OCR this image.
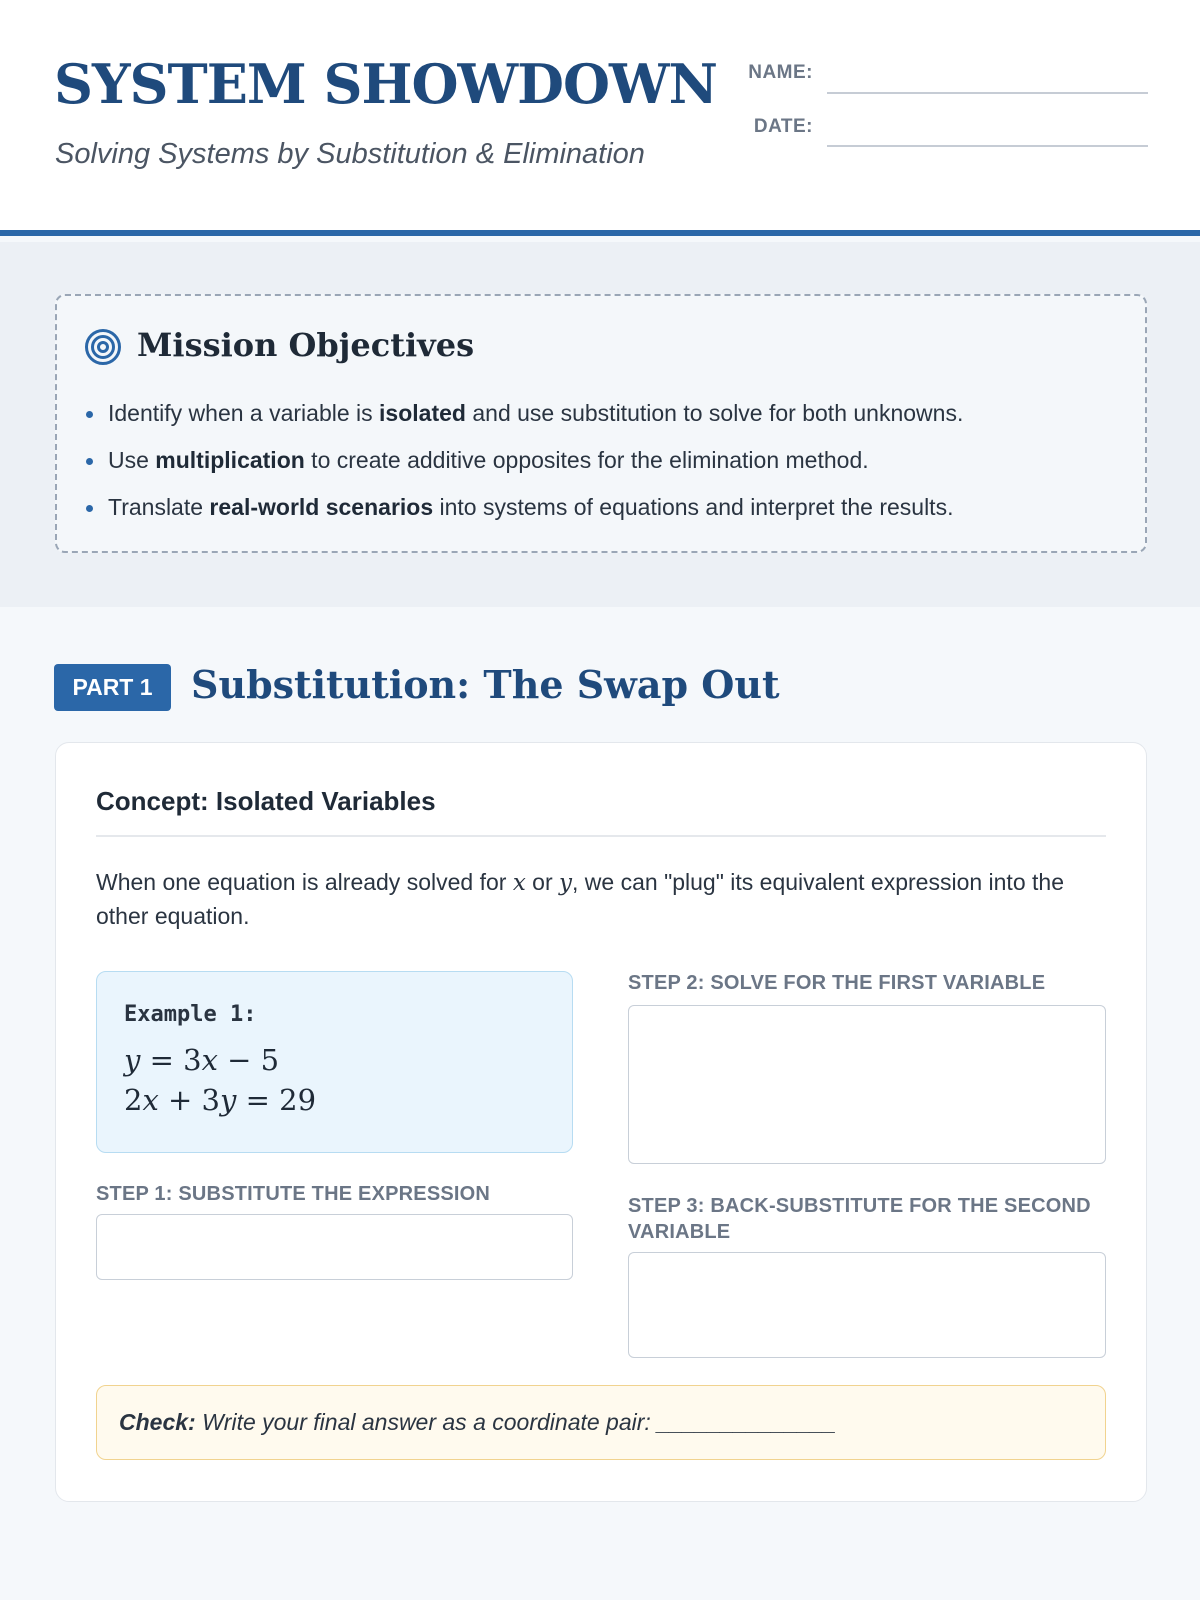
SYSTEM SHOWDOWN
Solving Systems by Substitution & Elimination
NAME:
DATE:
Mission Objectives
Identify when a variable is isolated and use substitution to solve for both unknowns.
Use multiplication to create additive opposites for the elimination method.
Translate real-world scenarios into systems of equations and interpret the results.
PART 1	Substitution: The Swap Out
Concept: Isolated Variables
When one equation is already solved for x or y, we can "plug" its equivalent expression into the other equation.
Example 1:
y = 3x − 5
2x + 3y = 29
STEP 1: SUBSTITUTE THE EXPRESSION
STEP 2: SOLVE FOR THE FIRST VARIABLE
STEP 3: BACK-SUBSTITUTE FOR THE SECOND VARIABLE
Check: Write your final answer as a coordinate pair: ______________
